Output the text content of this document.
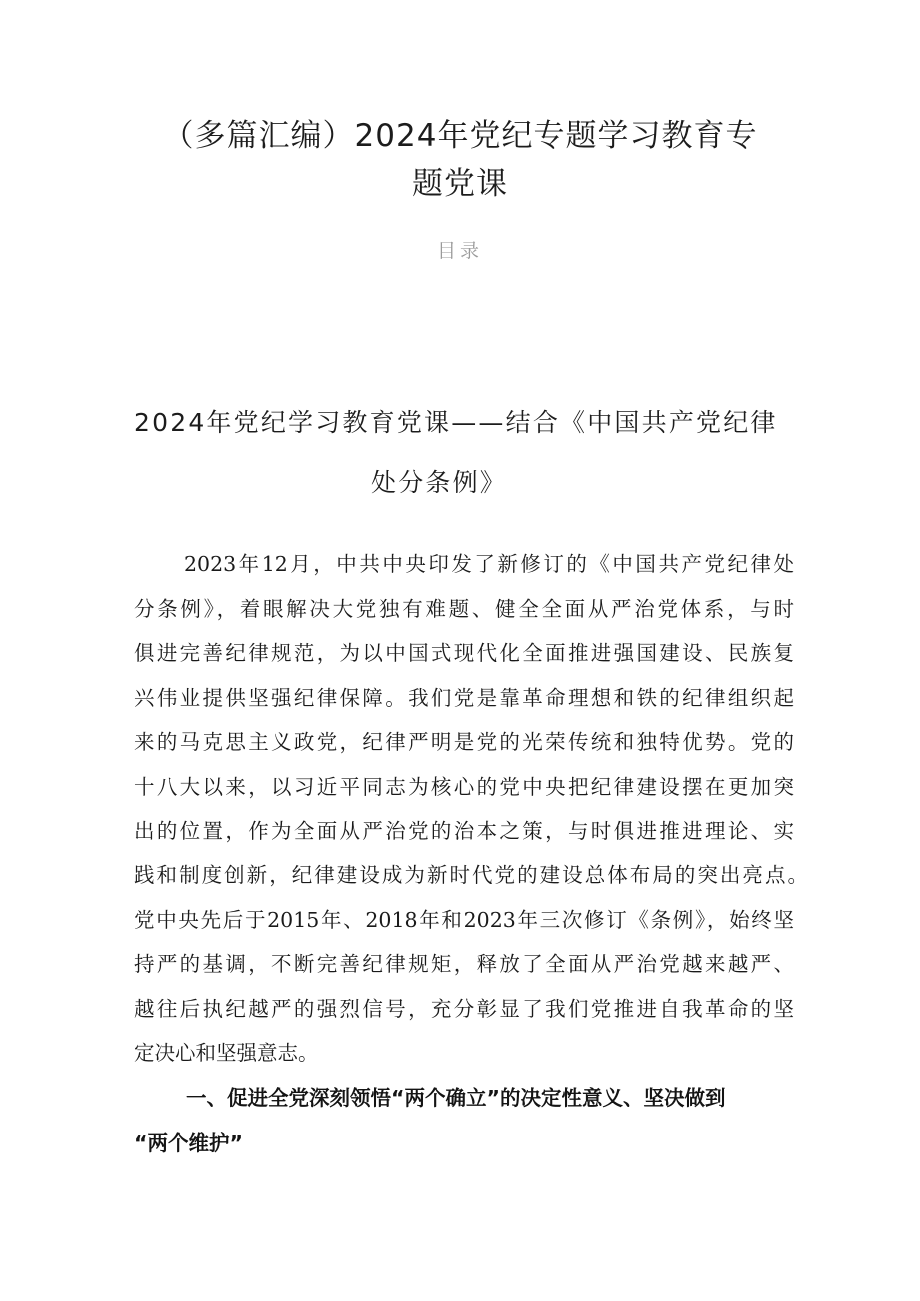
（多篇汇编）2024年党纪专题学习教育专
题党课
目录
2024年党纪学习教育党课——结合《中国共产党纪律
处分条例》
2023年12月，中共中央印发了新修订的《中国共产党纪律处
分条例》，着眼解决大党独有难题、健全全面从严治党体系，与时
俱进完善纪律规范，为以中国式现代化全面推进强国建设、民族复
兴伟业提供坚强纪律保障。我们党是靠革命理想和铁的纪律组织起
来的马克思主义政党，纪律严明是党的光荣传统和独特优势。党的
十八大以来，以习近平同志为核心的党中央把纪律建设摆在更加突
出的位置，作为全面从严治党的治本之策，与时俱进推进理论、实
践和制度创新，纪律建设成为新时代党的建设总体布局的突出亮点。
党中央先后于2015年、2018年和2023年三次修订《条例》，始终坚
持严的基调，不断完善纪律规矩，释放了全面从严治党越来越严、
越往后执纪越严的强烈信号，充分彰显了我们党推进自我革命的坚
定决心和坚强意志。
一、促进全党深刻领悟“两个确立”的决定性意义、坚决做到
“两个维护”
